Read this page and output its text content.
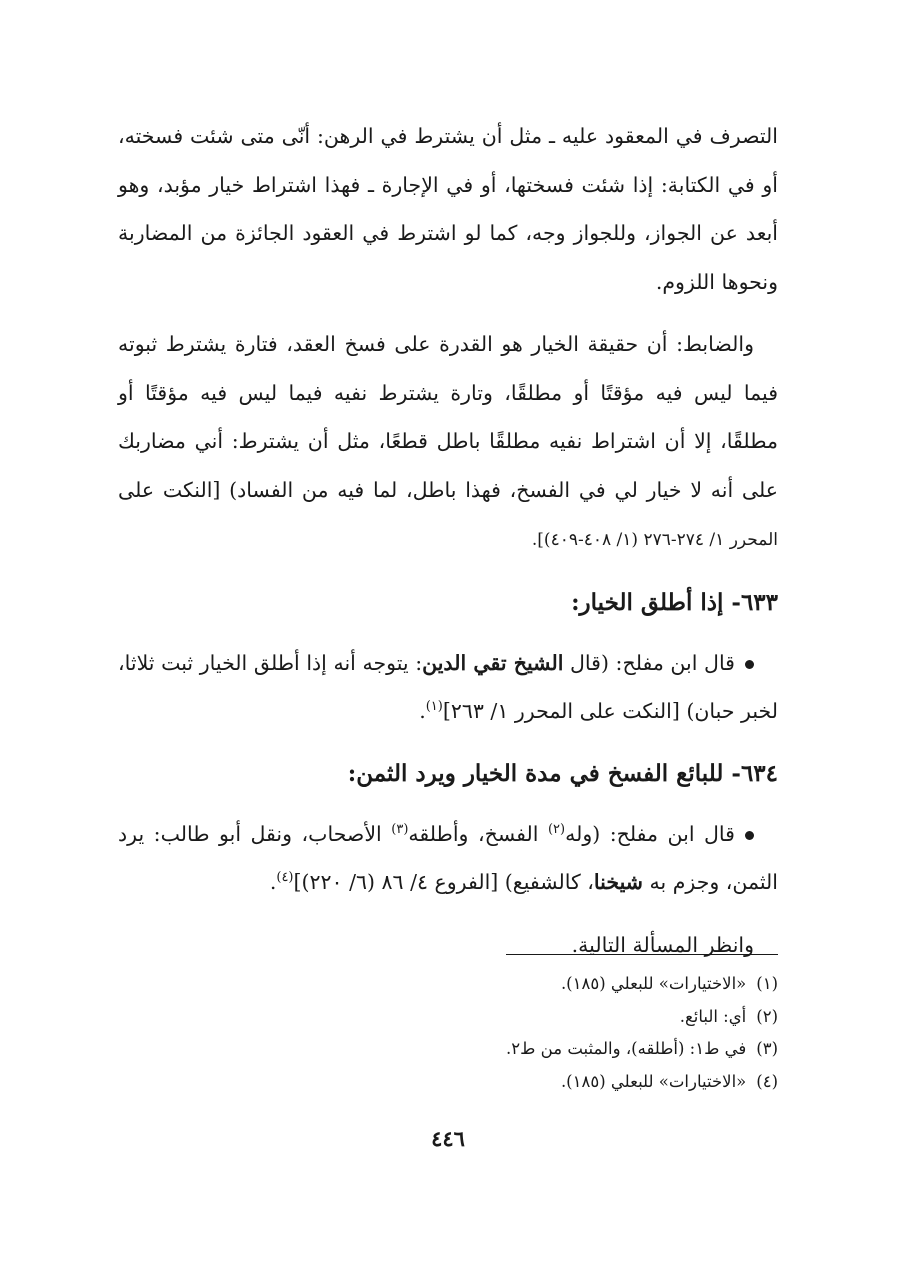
التصرف في المعقود عليه ـ مثل أن يشترط في الرهن: أنّى متى شئت فسخته، أو في الكتابة: إذا شئت فسختها، أو في الإجارة ـ فهذا اشتراط خيار مؤبد، وهو أبعد عن الجواز، وللجواز وجه، كما لو اشترط في العقود الجائزة من المضاربة ونحوها اللزوم.

والضابط: أن حقيقة الخيار هو القدرة على فسخ العقد، فتارة يشترط ثبوته فيما ليس فيه مؤقتًا أو مطلقًا، وتارة يشترط نفيه فيما ليس فيه مؤقتًا أو مطلقًا، إلا أن اشتراط نفيه مطلقًا باطل قطعًا، مثل أن يشترط: أني مضاربك على أنه لا خيار لي في الفسخ، فهذا باطل، لما فيه من الفساد) [النكت على المحرر ١/ ٢٧٤-٢٧٦ (١/ ٤٠٨-٤٠٩)].

٦٣٣- إذا أطلق الخيار:

قال ابن مفلح: (قال الشيخ تقي الدين: يتوجه أنه إذا أطلق الخيار ثبت ثلاثا، لخبر حبان) [النكت على المحرر ١/ ٢٦٣]$^{(١)}$.

٦٣٤- للبائع الفسخ في مدة الخيار ويرد الثمن:

قال ابن مفلح: (وله$^{(٢)}$ الفسخ، وأطلقه$^{(٣)}$ الأصحاب، ونقل أبو طالب: يرد الثمن، وجزم به شيخنا، كالشفيع) [الفروع ٤/ ٨٦ (٦/ ٢٢٠)]$^{(٤)}$.

وانظر المسألة التالية.

(١)«الاختيارات» للبعلي (١٨٥).
(٢)أي: البائع.
(٣)في ط١: (أطلقه)، والمثبت من ط٢.
(٤)«الاختيارات» للبعلي (١٨٥).
٤٤٦
